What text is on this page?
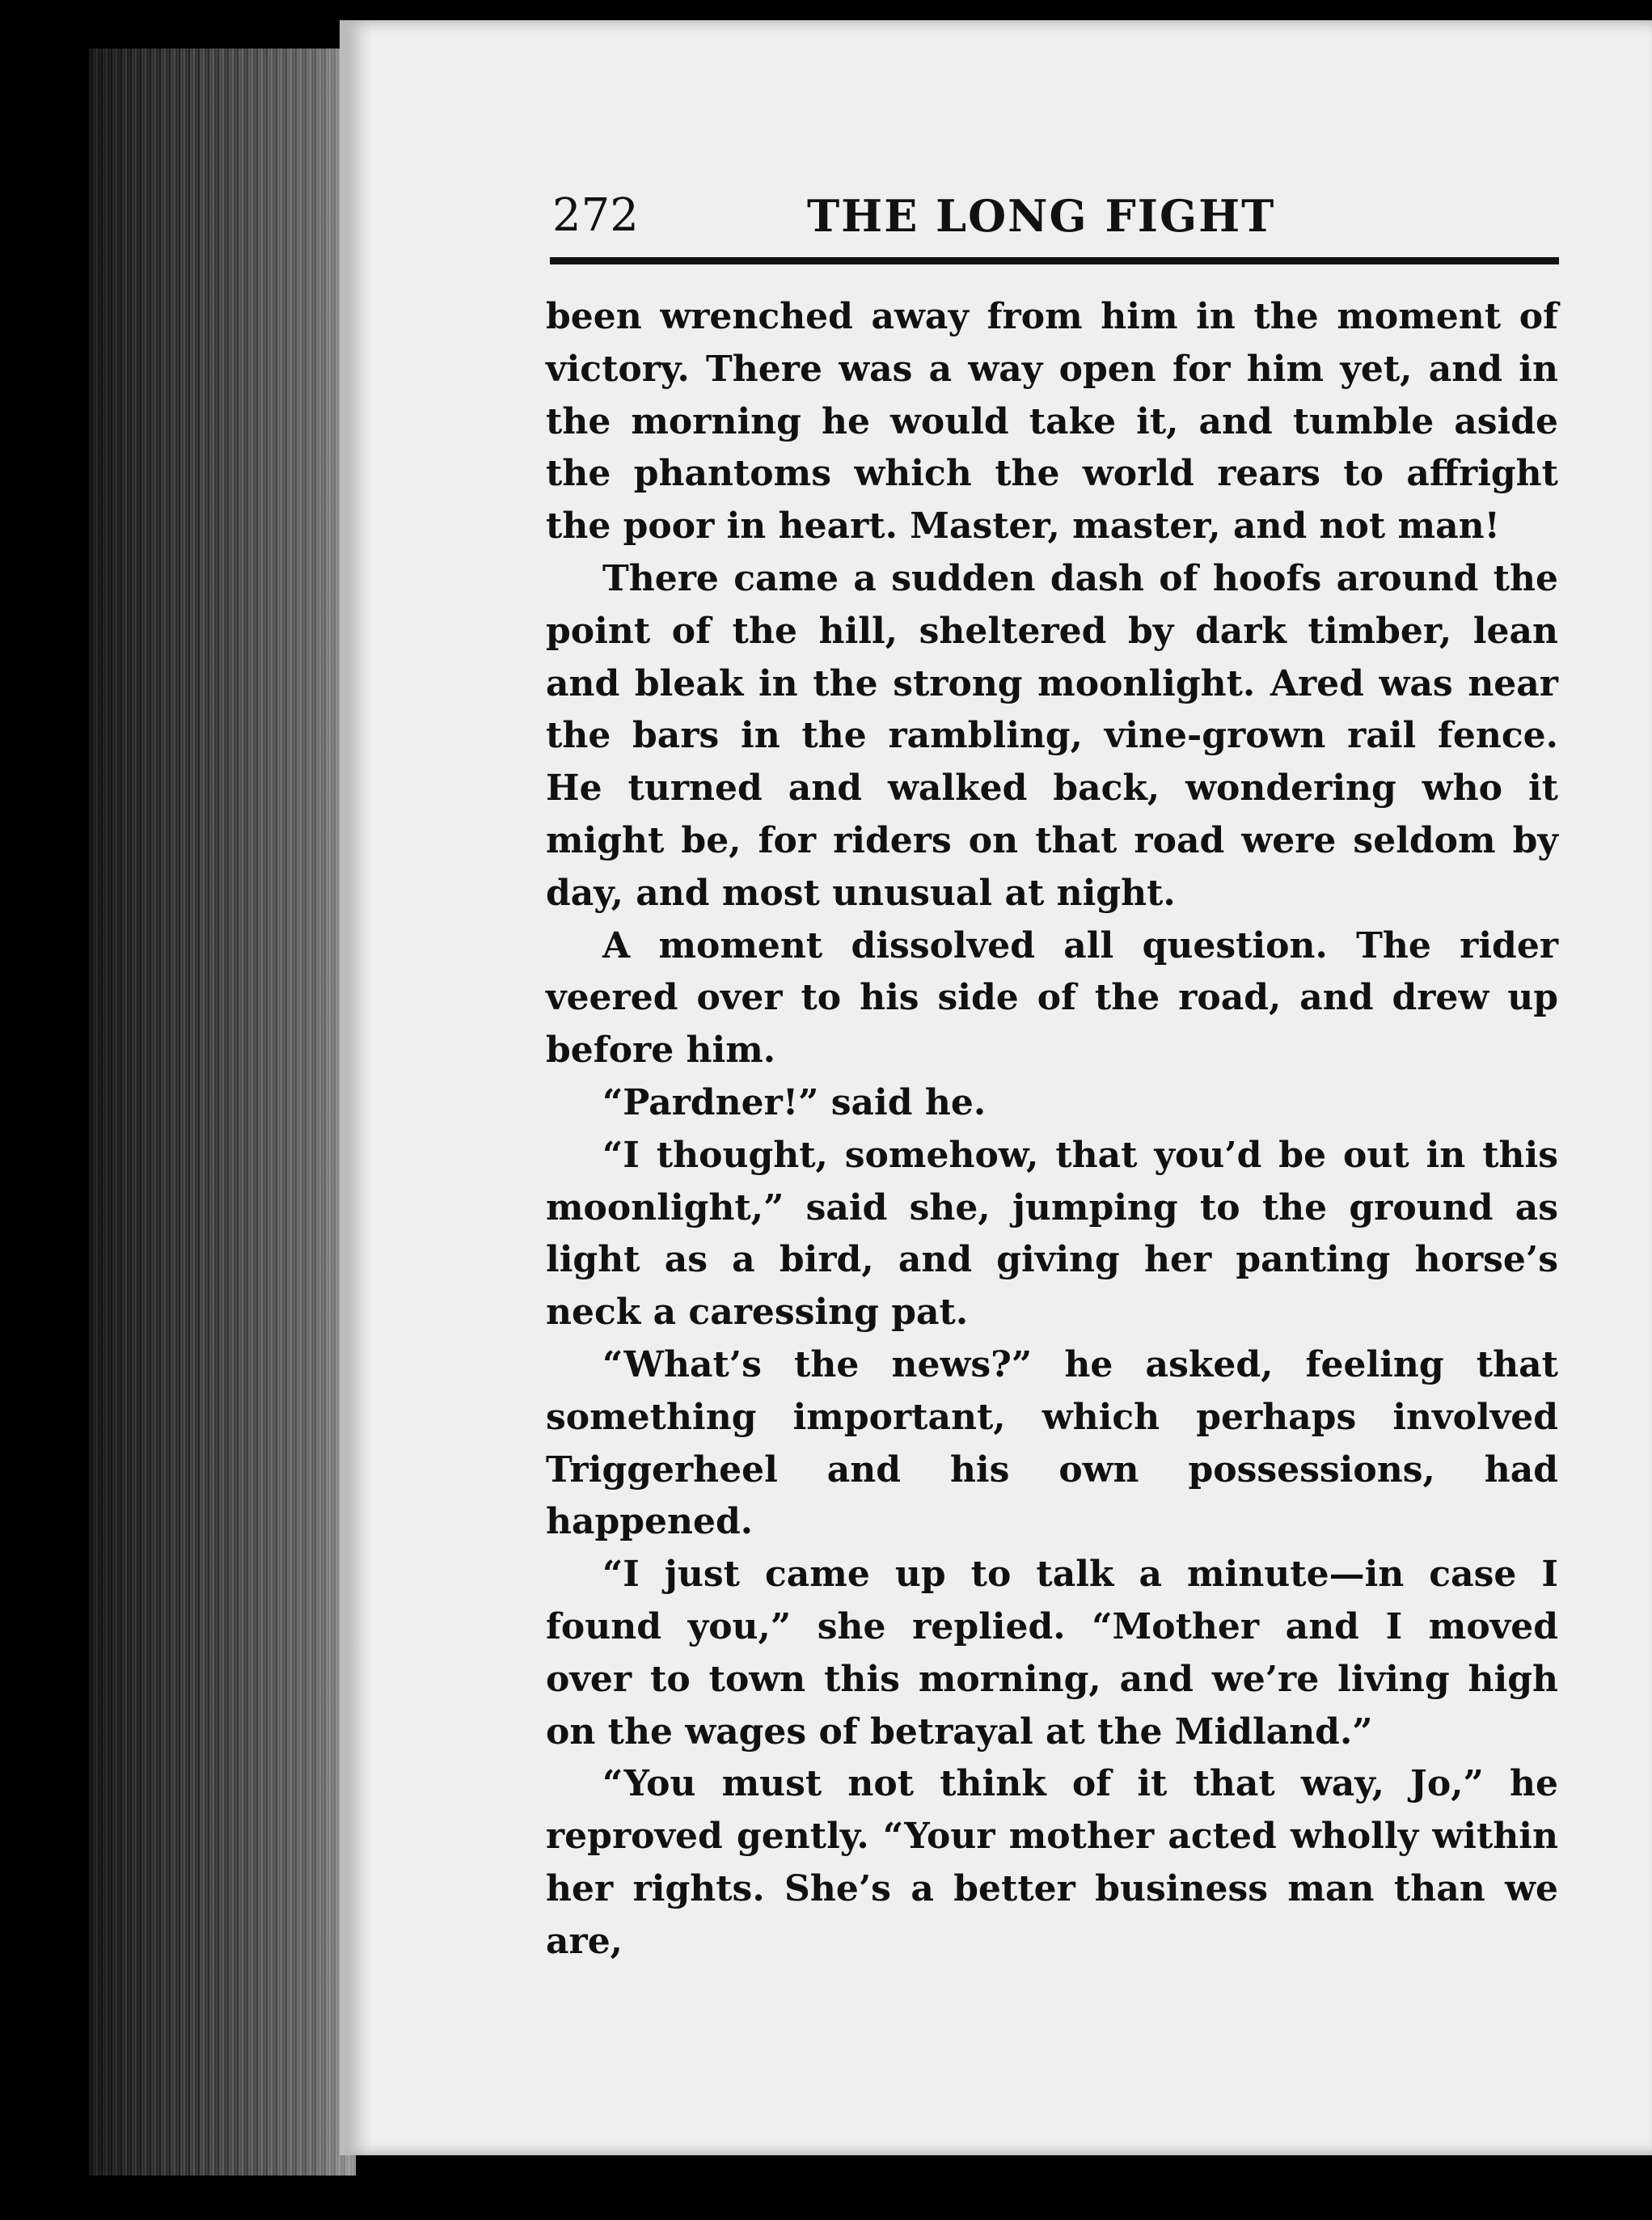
272	THE LONG FIGHT

been wrenched away from him in the moment of victory. There was a way open for him yet, and in the morning he would take it, and tumble aside the phantoms which the world rears to affright the poor in heart. Master, master, and not man!

There came a sudden dash of hoofs around the point of the hill, sheltered by dark timber, lean and bleak in the strong moonlight. Ared was near the bars in the rambling, vine-grown rail fence. He turned and walked back, wondering who it might be, for riders on that road were seldom by day, and most unusual at night.

A moment dissolved all question. The rider veered over to his side of the road, and drew up before him.

“Pardner!” said he.

“I thought, somehow, that you’d be out in this moonlight,” said she, jumping to the ground as light as a bird, and giving her panting horse’s neck a caressing pat.

“What’s the news?” he asked, feeling that something important, which perhaps involved Triggerheel and his own possessions, had happened.

“I just came up to talk a minute—in case I found you,” she replied. “Mother and I moved over to town this morning, and we’re living high on the wages of betrayal at the Midland.”

“You must not think of it that way, Jo,” he reproved gently. “Your mother acted wholly within her rights. She’s a better business man than we are,
